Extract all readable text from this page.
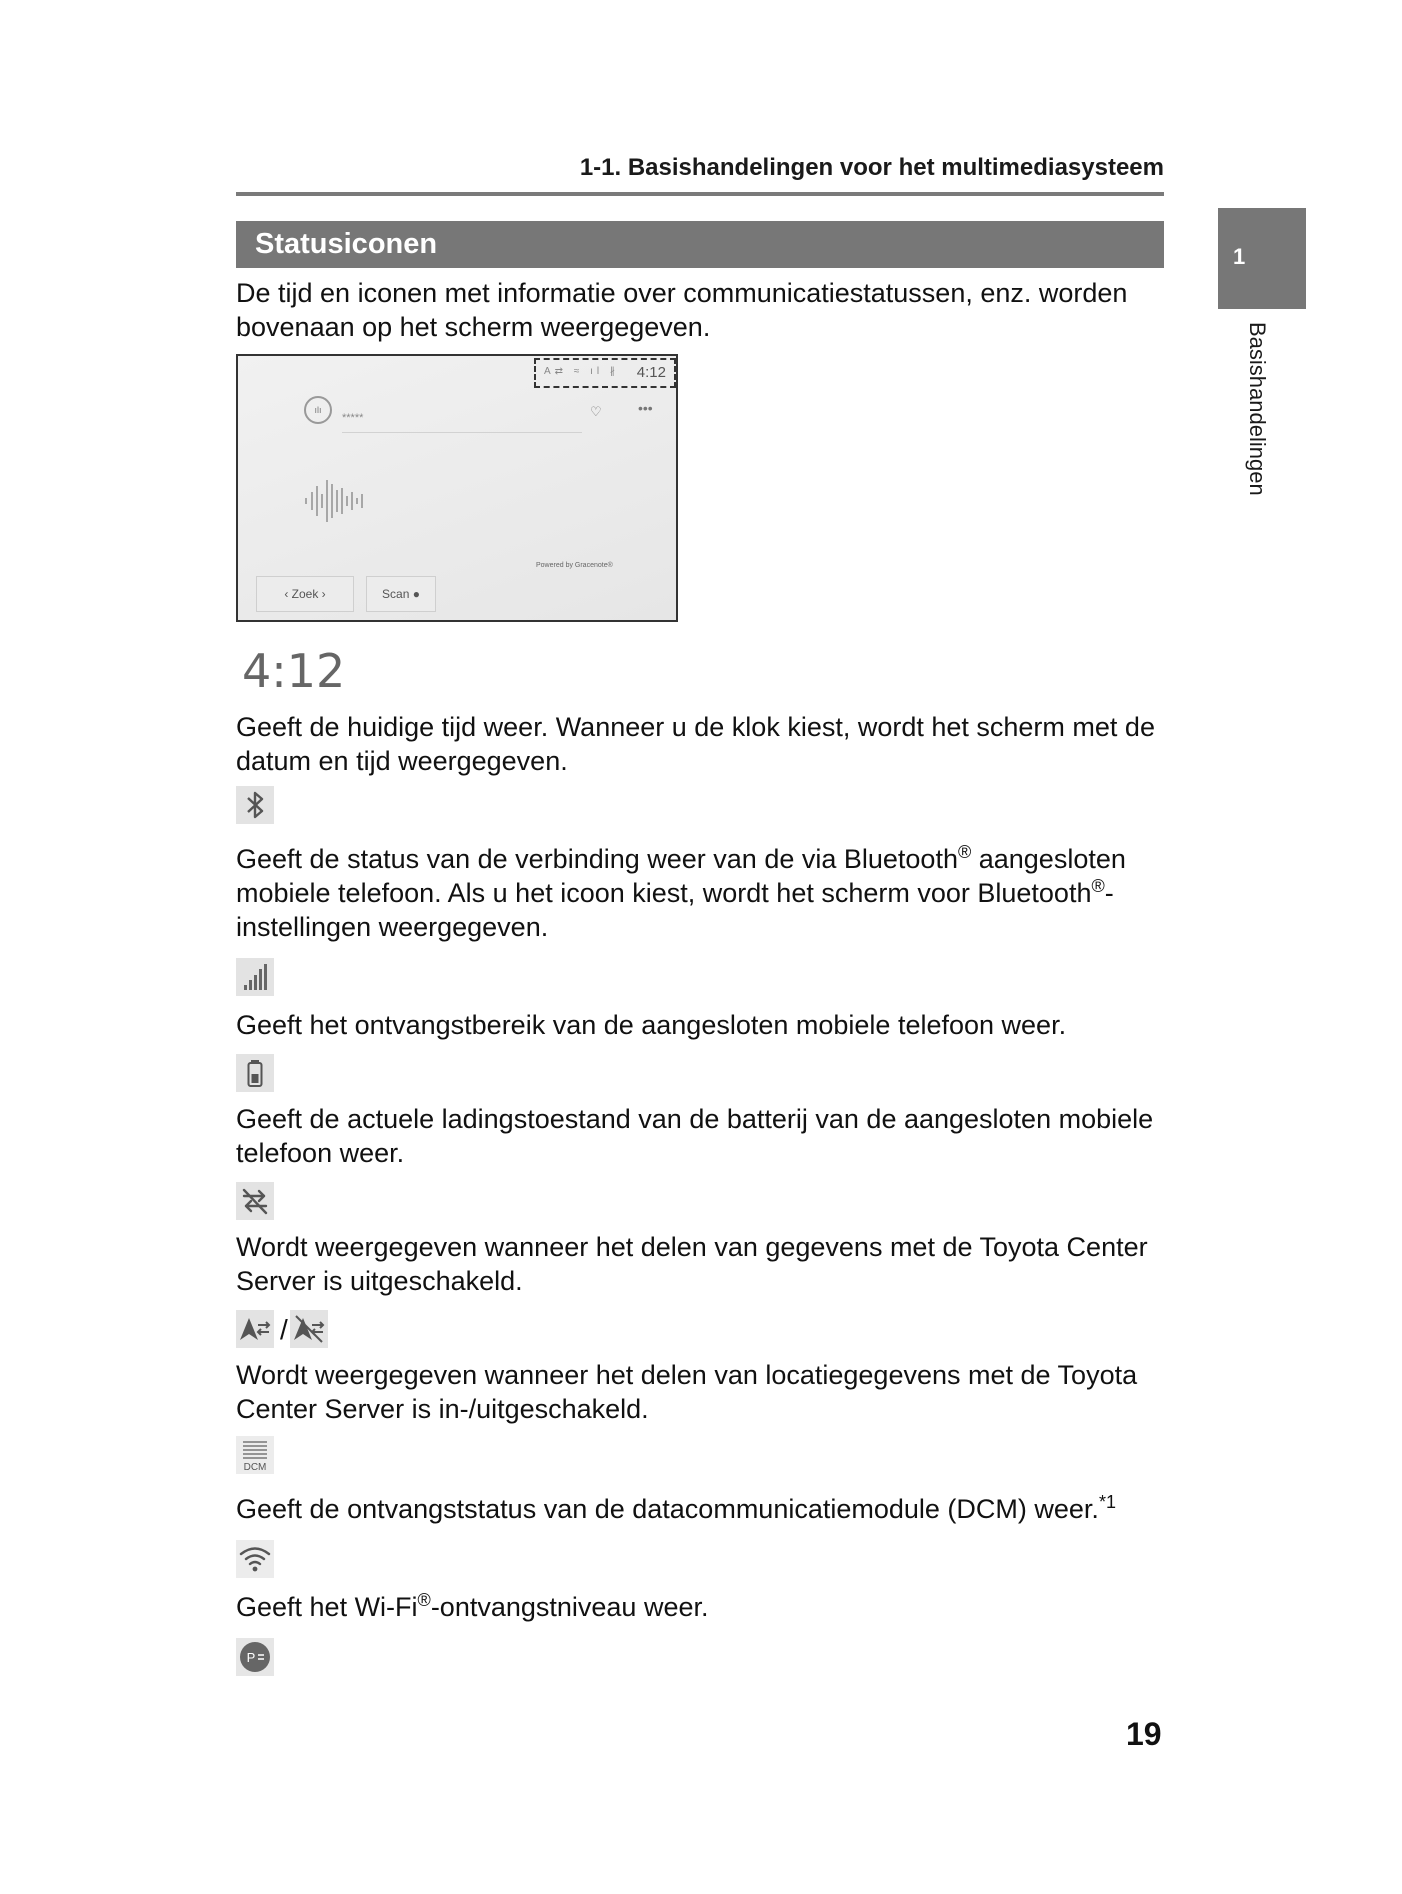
1-1. Basishandelingen voor het multimediasysteem
1
Basishandelingen
Statusiconen
De tijd en iconen met informatie over communicatiestatussen, enz. worden bovenaan op het scherm weergegeven.
A⇄ ≈ ıl ∦ 4:12
ılı
*****	♡	•••
Powered by Gracenote®
‹ Zoek ›	Scan ●
4:12
Geeft de huidige tijd weer. Wanneer u de klok kiest, wordt het scherm met de datum en tijd weergegeven.
Geeft de status van de verbinding weer van de via Bluetooth® aangesloten mobiele telefoon. Als u het icoon kiest, wordt het scherm voor Bluetooth®-instellingen weergegeven.
Geeft het ontvangstbereik van de aangesloten mobiele telefoon weer.
Geeft de actuele ladingstoestand van de batterij van de aangesloten mobiele telefoon weer.
Wordt weergegeven wanneer het delen van gegevens met de Toyota Center Server is uitgeschakeld.
/
Wordt weergegeven wanneer het delen van locatiegegevens met de Toyota Center Server is in-/uitgeschakeld.
DCM
Geeft de ontvangststatus van de datacommunicatiemodule (DCM) weer.$^{*1}$
Geeft het Wi-Fi®-ontvangstniveau weer.
P
19
